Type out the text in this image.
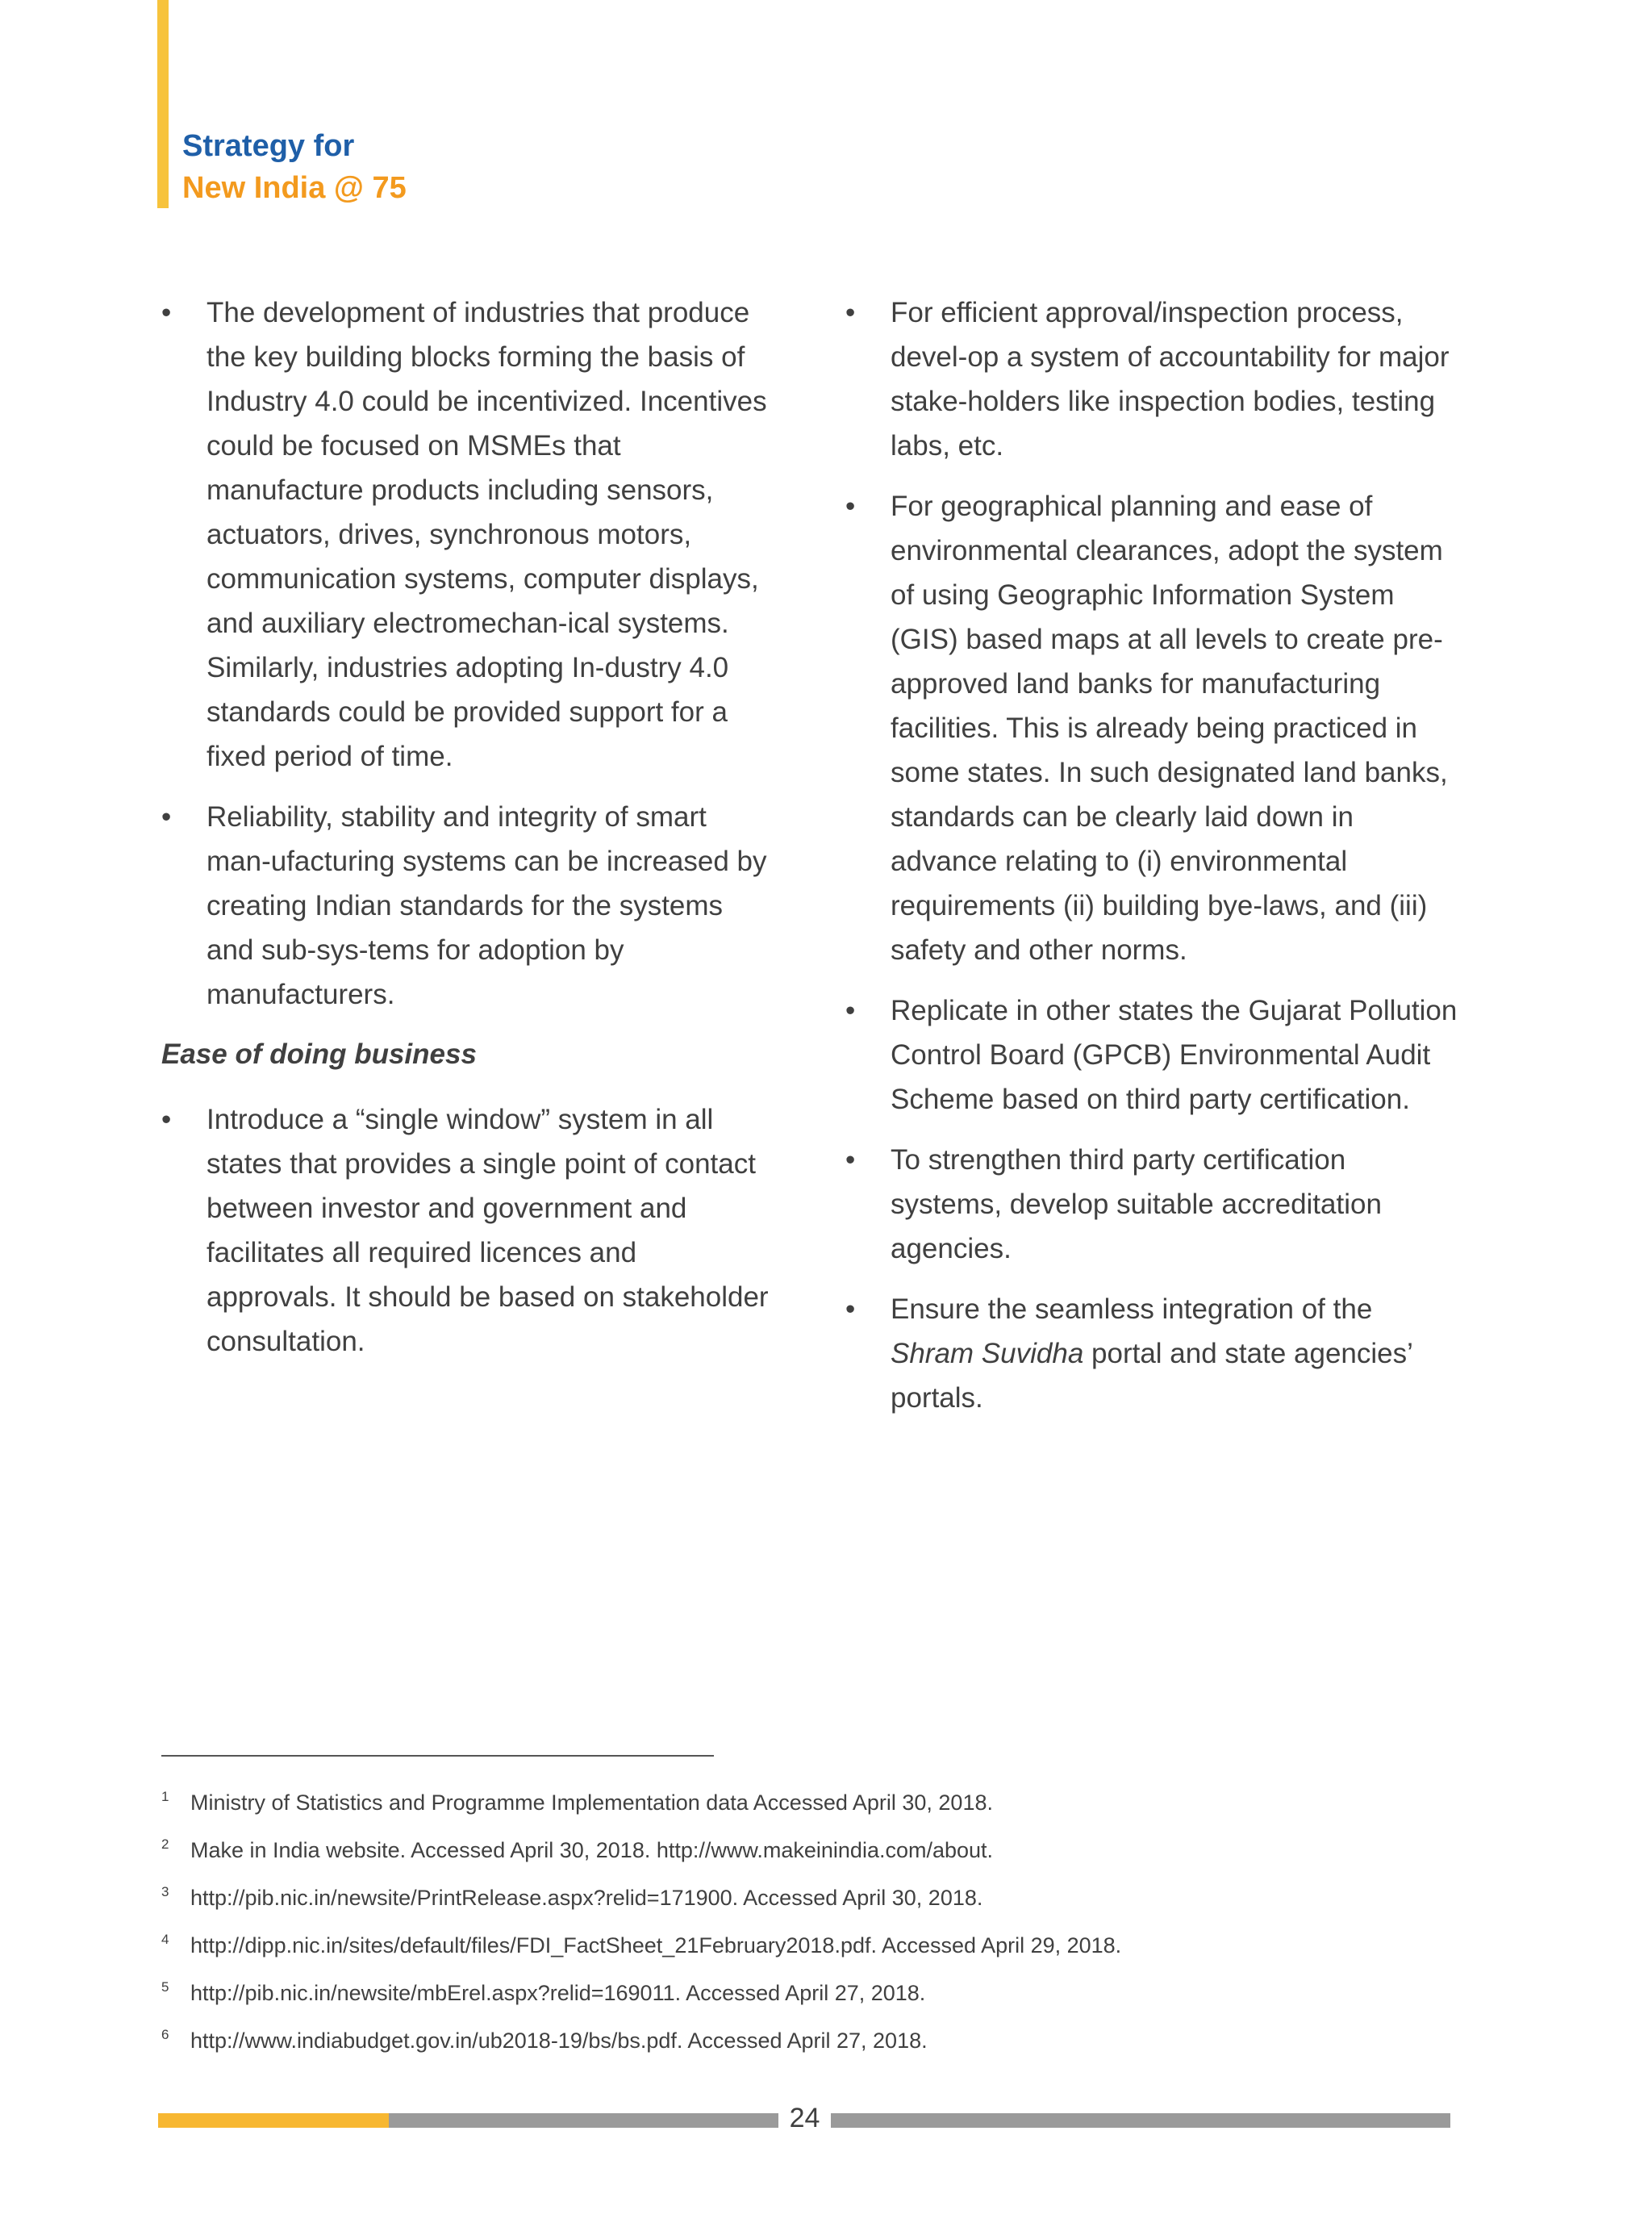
Strategy for
New India @ 75
• The development of industries that produce the key building blocks forming the basis of Industry 4.0 could be incentivized. Incentives could be focused on MSMEs that manufacture products including sensors, actuators, drives, synchronous motors, communication systems, computer displays, and auxiliary electromechan-ical systems. Similarly, industries adopting In-dustry 4.0 standards could be provided support for a fixed period of time.
• Reliability, stability and integrity of smart man-ufacturing systems can be increased by creating Indian standards for the systems and sub-sys-tems for adoption by manufacturers.
Ease of doing business
• Introduce a “single window” system in all states that provides a single point of contact between investor and government and facilitates all required licences and approvals. It should be based on stakeholder consultation.
• For efficient approval/inspection process, devel-op a system of accountability for major stake-holders like inspection bodies, testing labs, etc.
• For geographical planning and ease of environmental clearances, adopt the system of using Geographic Information System (GIS) based maps at all levels to create pre-approved land banks for manufacturing facilities. This is already being practiced in some states. In such designated land banks, standards can be clearly laid down in advance relating to (i) environmental requirements (ii) building bye-laws, and (iii) safety and other norms.
• Replicate in other states the Gujarat Pollution Control Board (GPCB) Environmental Audit Scheme based on third party certification.
• To strengthen third party certification systems, develop suitable accreditation agencies.
• Ensure the seamless integration of the Shram Suvidha portal and state agencies’ portals.
1 Ministry of Statistics and Programme Implementation data Accessed April 30, 2018.
2 Make in India website. Accessed April 30, 2018. http://www.makeinindia.com/about.
3 http://pib.nic.in/newsite/PrintRelease.aspx?relid=171900. Accessed April 30, 2018.
4 http://dipp.nic.in/sites/default/files/FDI_FactSheet_21February2018.pdf. Accessed April 29, 2018.
5 http://pib.nic.in/newsite/mbErel.aspx?relid=169011. Accessed April 27, 2018.
6 http://www.indiabudget.gov.in/ub2018-19/bs/bs.pdf. Accessed April 27, 2018.
24
